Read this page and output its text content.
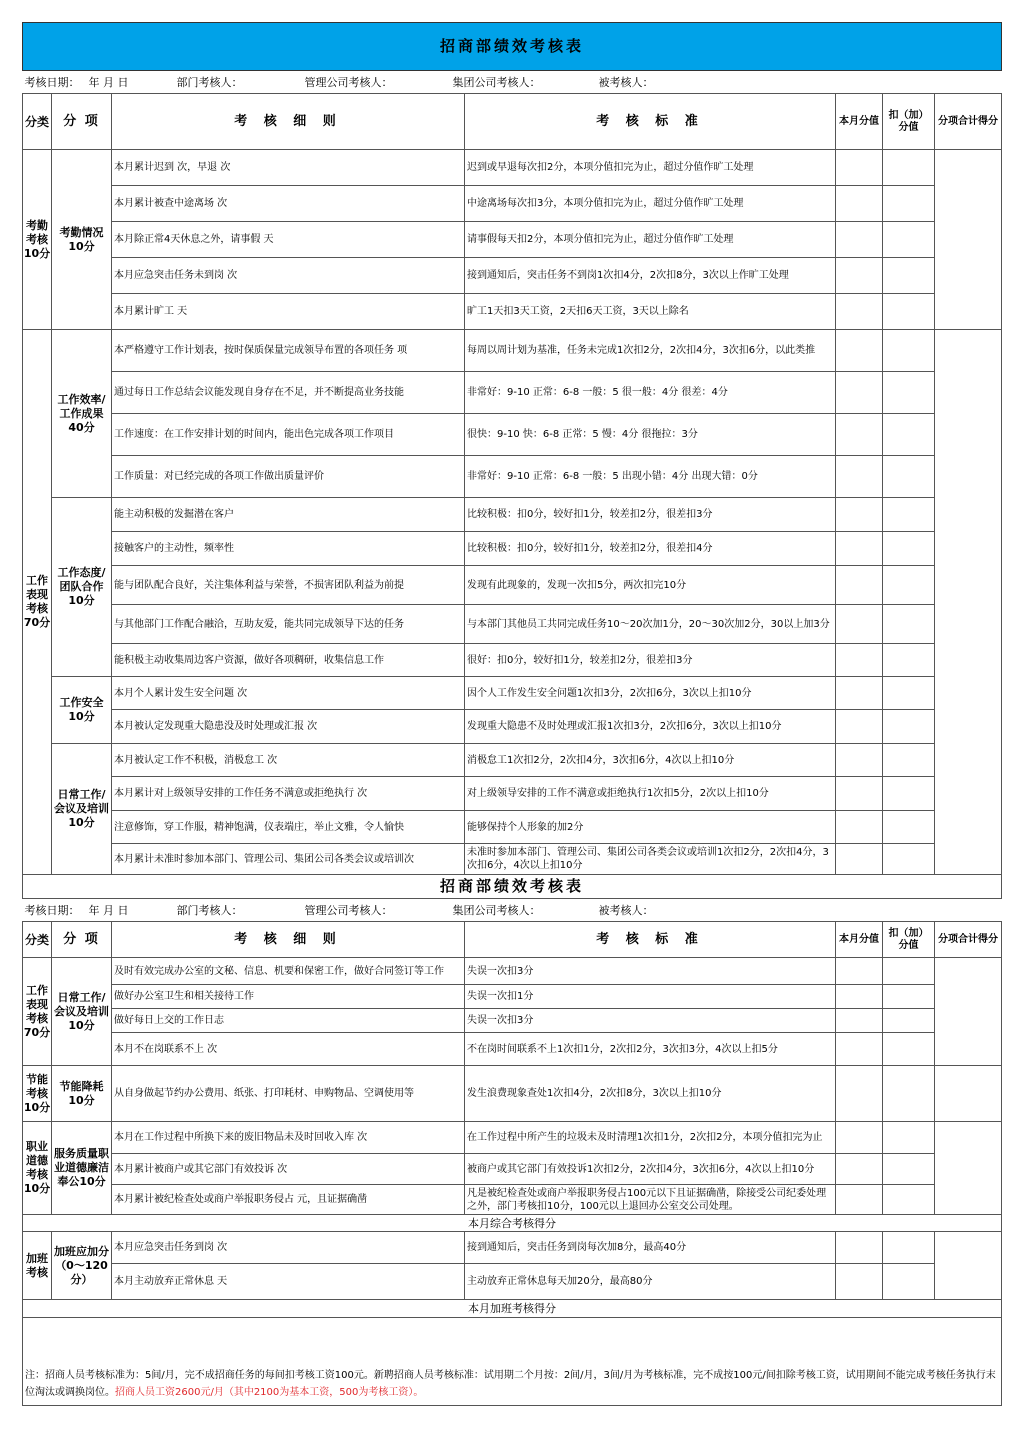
招商部绩效考核表						
考核日期： 年 月 日 部门考核人： 管理公司考核人： 集团公司考核人： 被考核人：						
分类	分 项	考 核 细 则	考 核 标 准	本月分值	扣（加）分值	分项合计得分
考勤考核10分	考勤情况10分	本月累计迟到 次，早退 次	迟到或早退每次扣2分，本项分值扣完为止，超过分值作旷工处理			
		本月累计被查中途离场 次	中途离场每次扣3分，本项分值扣完为止，超过分值作旷工处理			
		本月除正常4天休息之外，请事假 天	请事假每天扣2分，本项分值扣完为止，超过分值作旷工处理			
		本月应急突击任务未到岗 次	接到通知后，突击任务不到岗1次扣4分，2次扣8分，3次以上作旷工处理			
		本月累计旷工 天	旷工1天扣3天工资，2天扣6天工资，3天以上除名			
工作表现考核70分	工作效率/工作成果40分	本严格遵守工作计划表，按时保质保量完成领导布置的各项任务 项	每周以周计划为基准，任务未完成1次扣2分，2次扣4分，3次扣6分，以此类推			
		通过每日工作总结会议能发现自身存在不足，并不断提高业务技能	非常好：9-10 正常：6-8 一般：5 很一般：4分 很差：4分			
		工作速度：在工作安排计划的时间内，能出色完成各项工作项目	很快：9-10 快：6-8 正常：5 慢：4分 很拖拉：3分			
		工作质量：对已经完成的各项工作做出质量评价	非常好：9-10 正常：6-8 一般：5 出现小错：4分 出现大错：0分			
	工作态度/团队合作10分	能主动积极的发掘潜在客户	比较积极：扣0分，较好扣1分，较差扣2分，很差扣3分			
		接触客户的主动性，频率性	比较积极：扣0分，较好扣1分，较差扣2分，很差扣4分			
		能与团队配合良好，关注集体利益与荣誉，不损害团队利益为前提	发现有此现象的，发现一次扣5分，两次扣完10分			
		与其他部门工作配合融洽，互助友爱，能共同完成领导下达的任务	与本部门其他员工共同完成任务10～20次加1分，20～30次加2分，30以上加3分			
		能积极主动收集周边客户资源，做好各项稠研，收集信息工作	很好：扣0分，较好扣1分，较差扣2分，很差扣3分			
	工作安全10分	本月个人累计发生安全问题 次	因个人工作发生安全问题1次扣3分，2次扣6分，3次以上扣10分			
		本月被认定发现重大隐患没及时处理或汇报 次	发现重大隐患不及时处理或汇报1次扣3分，2次扣6分，3次以上扣10分			
	日常工作/会议及培训10分	本月被认定工作不积极，消极怠工 次	消极怠工1次扣2分，2次扣4分，3次扣6分，4次以上扣10分			
		本月累计对上级领导安排的工作任务不满意或拒绝执行 次	对上级领导安排的工作不满意或拒绝执行1次扣5分，2次以上扣10分			
		注意修饰，穿工作服，精神饱满，仪表端庄，举止文雅，令人愉快	能够保持个人形象的加2分			
		本月累计未准时参加本部门、管理公司、集团公司各类会议或培训次	未准时参加本部门、管理公司、集团公司各类会议或培训1次扣2分，2次扣4分，3次扣6分，4次以上扣10分			
招商部绩效考核表						
考核日期： 年 月 日 部门考核人： 管理公司考核人： 集团公司考核人： 被考核人：						
分类	分 项	考 核 细 则	考 核 标 准	本月分值	扣（加）分值	分项合计得分
工作表现考核70分	日常工作/会议及培训10分	及时有效完成办公室的文秘、信息、机要和保密工作，做好合同签订等工作	失误一次扣3分			
		做好办公室卫生和相关接待工作	失误一次扣1分			
		做好每日上交的工作日志	失误一次扣3分			
		本月不在岗联系不上 次	不在岗时间联系不上1次扣1分，2次扣2分，3次扣3分，4次以上扣5分			
节能考核10分	节能降耗10分	从自身做起节约办公费用、纸张、打印耗材、申购物品、空调使用等	发生浪费现象查处1次扣4分，2次扣8分，3次以上扣10分			
职业道德考核10分	服务质量职业道德廉洁奉公10分	本月在工作过程中所换下来的废旧物品未及时回收入库 次	在工作过程中所产生的垃圾未及时清理1次扣1分，2次扣2分，本项分值扣完为止			
		本月累计被商户或其它部门有效投诉 次	被商户或其它部门有效投诉1次扣2分，2次扣4分，3次扣6分，4次以上扣10分			
		本月累计被纪检查处或商户举报职务侵占 元，且证据确凿	凡是被纪检查处或商户举报职务侵占100元以下且证据确凿，除接受公司纪委处理之外，部门考核扣10分，100元以上退回办公室交公司处理。			
本月综合考核得分						
加班考核	加班应加分（0～120分）	本月应急突击任务到岗 次	接到通知后，突击任务到岗每次加8分，最高40分			
		本月主动放弃正常休息 天	主动放弃正常休息每天加20分，最高80分			
本月加班考核得分						
注：招商人员考核标准为：5间/月，完不成招商任务的每间扣考核工资100元。新聘招商人员考核标准：试用期二个月按：2间/月，3间/月为考核标准，完不成按100元/间扣除考核工资，试用期间不能完成考核任务执行末位淘汰或调换岗位。招商人员工资2600元/月（其中2100为基本工资，500为考核工资）。						
